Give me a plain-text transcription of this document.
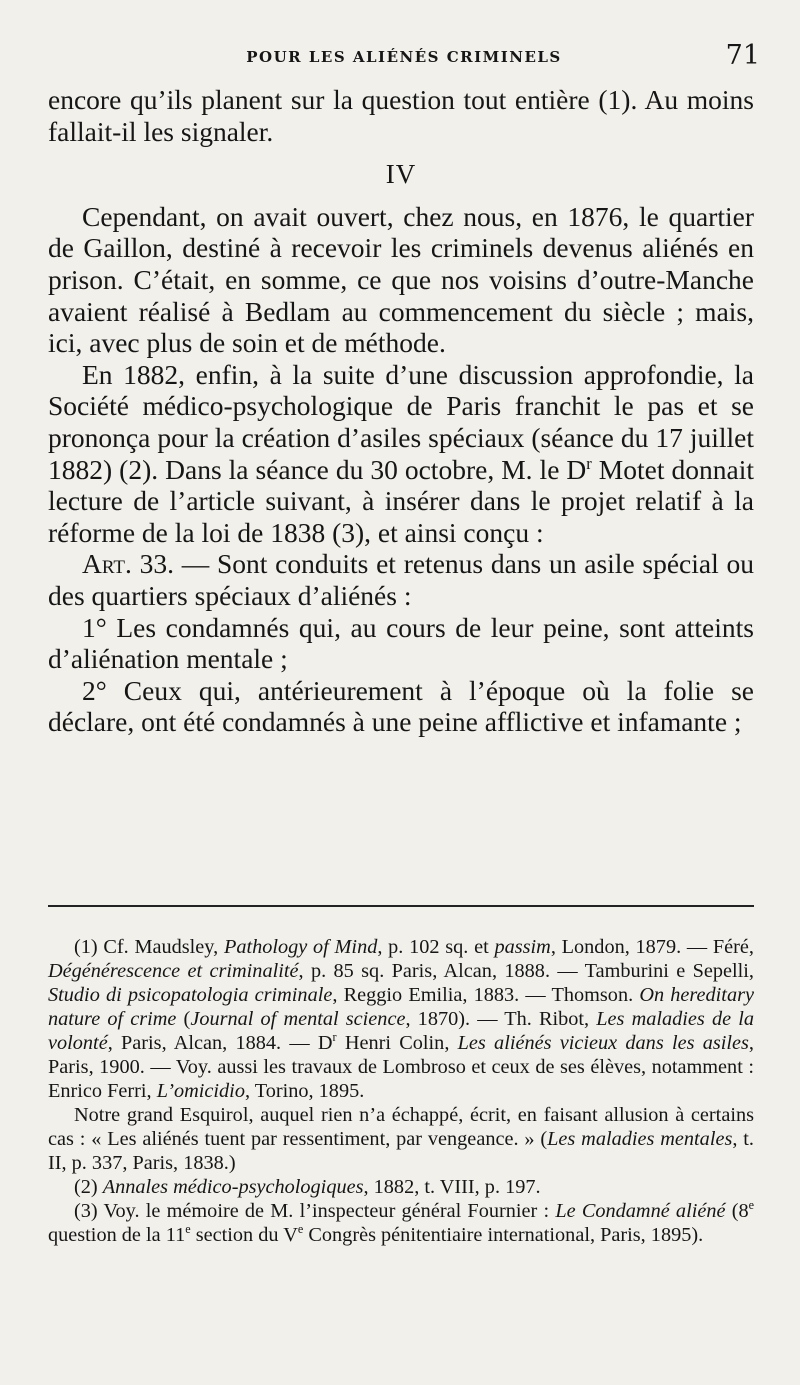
POUR LES ALIÉNÉS CRIMINELS	71

encore qu’ils planent sur la question tout entière (1). Au moins fallait-il les signaler.

IV

Cependant, on avait ouvert, chez nous, en 1876, le quartier de Gaillon, destiné à recevoir les criminels devenus aliénés en prison. C’était, en somme, ce que nos voisins d’outre-Manche avaient réalisé à Bedlam au commencement du siècle ; mais, ici, avec plus de soin et de méthode.

En 1882, enfin, à la suite d’une discussion approfondie, la Société médico-psychologique de Paris franchit le pas et se prononça pour la création d’asiles spéciaux (séance du 17 juillet 1882) (2). Dans la séance du 30 octobre, M. le $D^r$ Motet donnait lecture de l’article suivant, à insérer dans le projet relatif à la réforme de la loi de 1838 (3), et ainsi conçu :

Art. 33. — Sont conduits et retenus dans un asile spécial ou des quartiers spéciaux d’aliénés :

1° Les condamnés qui, au cours de leur peine, sont atteints d’aliénation mentale ;

2° Ceux qui, antérieurement à l’époque où la folie se déclare, ont été condamnés à une peine afflictive et infamante ;

(1) Cf. Maudsley, Pathology of Mind, p. 102 sq. et passim, London, 1879. — Féré, Dégénérescence et criminalité, p. 85 sq. Paris, Alcan, 1888. — Tamburini e Sepelli, Studio di psicopatologia criminale, Reggio Emilia, 1883. — Thomson. On hereditary nature of crime (Journal of mental science, 1870). — Th. Ribot, Les maladies de la volonté, Paris, Alcan, 1884. — $D^r$ Henri Colin, Les aliénés vicieux dans les asiles, Paris, 1900. — Voy. aussi les travaux de Lombroso et ceux de ses élèves, notamment : Enrico Ferri, L’omicidio, Torino, 1895.

Notre grand Esquirol, auquel rien n’a échappé, écrit, en faisant allusion à certains cas : « Les aliénés tuent par ressentiment, par vengeance. » (Les maladies mentales, t. II, p. 337, Paris, 1838.)

(2) Annales médico-psychologiques, 1882, t. VIII, p. 197.

(3) Voy. le mémoire de M. l’inspecteur général Fournier : Le Condamné aliéné (8e question de la 11e section du Ve Congrès pénitentiaire international, Paris, 1895).
